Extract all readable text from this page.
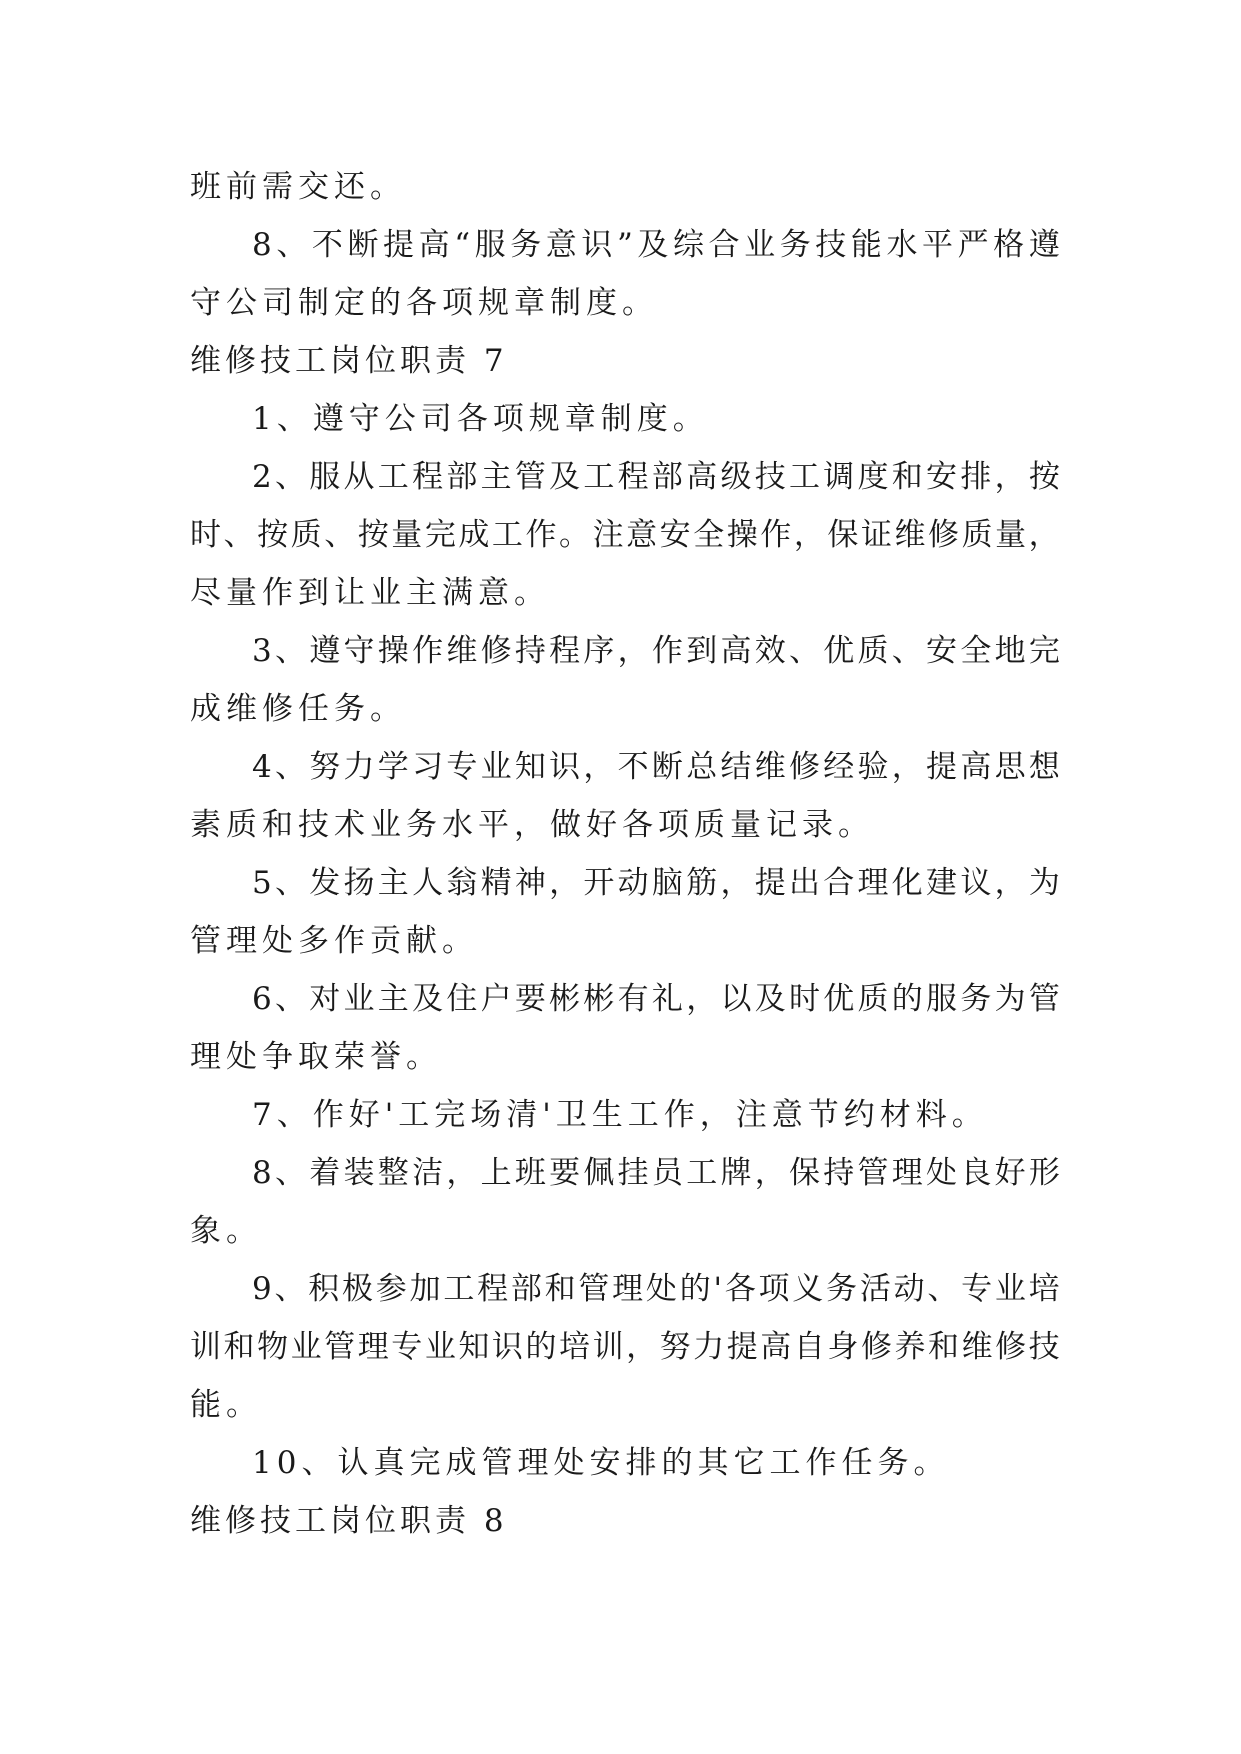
班前需交还。
8 、 不 断 提 高 “ 服 务 意 识 ” 及 综 合 业 务 技 能 水 平 严 格 遵
守公司制定的各项规章制度。
维修技工岗位职责 7
1、遵守公司各项规章制度。
2 、 服 从 工 程 部 主 管 及 工 程 部 高 级 技 工 调 度 和 安 排 ， 按
时 、 按 质 、 按 量 完 成 工 作 。 注 意 安 全 操 作 ， 保 证 维 修 质 量 ，
尽量作到让业主满意。
3 、 遵 守 操 作 维 修 持 程 序 ， 作 到 高 效 、 优 质 、 安 全 地 完
成维修任务。
4 、 努 力 学 习 专 业 知 识 ， 不 断 总 结 维 修 经 验 ， 提 高 思 想
素质和技术业务水平，做好各项质量记录。
5 、 发 扬 主 人 翁 精 神 ， 开 动 脑 筋 ， 提 出 合 理 化 建 议 ， 为
管理处多作贡献。
6 、 对 业 主 及 住 户 要 彬 彬 有 礼 ， 以 及 时 优 质 的 服 务 为 管
理处争取荣誉。
7、作好'工完场清'卫生工作，注意节约材料。
8 、 着 装 整 洁 ， 上 班 要 佩 挂 员 工 牌 ， 保 持 管 理 处 良 好 形
象。
9 、 积 极 参 加 工 程 部 和 管 理 处 的 ' 各 项 义 务 活 动 、 专 业 培
训 和 物 业 管 理 专 业 知 识 的 培 训 ， 努 力 提 高 自 身 修 养 和 维 修 技
能。
10、认真完成管理处安排的其它工作任务。
维修技工岗位职责 8
